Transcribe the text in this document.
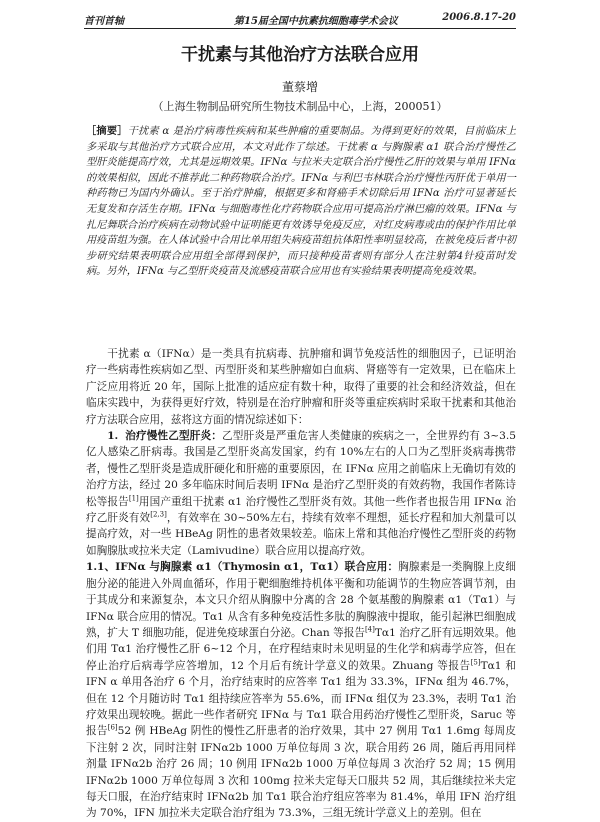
首刊首轴	第15届全国中抗素抗细胞毒学术会议	2006.8.17-20
干扰素与其他治疗方法联合应用
董蔡增
（上海生物制品研究所生物技术制品中心，上海，200051）
［摘要］干扰素 α 是治疗病毒性疾病和某些肿瘤的重要制品。为得到更好的效果，目前临床上多采取与其他治疗方式联合应用，本文对此作了综述。干扰素 α 与胸腺素 α1 联合治疗慢性乙型肝炎能提高疗效，尤其是远期效果。IFNα 与拉米夫定联合治疗慢性乙肝的效果与单用 IFNα 的效果相似，因此不推荐此二种药物联合治疗。IFNα 与利巴韦林联合治疗慢性丙肝优于单用一种药物已为国内外确认。至于治疗肿瘤，根据更多和肾癌手术切除后用 IFNα 治疗可显著延长无复发和存活生存期。IFNα 与细胞毒性化疗药物联合应用可提高治疗淋巴瘤的效果。IFNα 与扎尼舞联合治疗疾病在动物试验中证明能更有效诱导免疫反应，对红皮病毒或由的保护作用比单用疫苗组为强。在人体试验中合用比单用组失病疫苗组抗体阳性率明显较高，在被免疫后者中初步研究结果表明联合应用组全部得到保护，而只接种疫苗者则有部分人在注射第4针疫苗时发病。另外，IFNα 与乙型肝炎疫苗及流感疫苗联合应用也有实验结果表明提高免疫效果。

干扰素 α（IFNα）是一类具有抗病毒、抗肿瘤和调节免疫活性的细胞因子，已证明治疗一些病毒性疾病如乙型、丙型肝炎和某些肿瘤如白血病、肾癌等有一定效果，已在临床上广泛应用将近 20 年，国际上批准的适应症有数十种，取得了重要的社会和经济效益，但在临床实践中，为获得更好疗效，特别是在治疗肿瘤和肝炎等重症疾病时采取干扰素和其他治疗方法联合应用，兹将这方面的情况综述如下：

1. 治疗慢性乙型肝炎：乙型肝炎是严重危害人类健康的疾病之一，全世界约有 3~3.5 亿人感染乙肝病毒。我国是乙型肝炎高发国家，约有 10%左右的人口为乙型肝炎病毒携带者，慢性乙型肝炎是造成肝硬化和肝癌的重要原因，在 IFNα 应用之前临床上无确切有效的治疗方法，经过 20 多年临床时间后表明 IFNα 是治疗乙型肝炎的有效药物，我国作者陈诗松等报告[1]用国产重组干扰素 α1 治疗慢性乙型肝炎有效。其他一些作者也报告用 IFNα 治疗乙肝炎有效[2,3]，有效率在 30~50%左右，持续有效率不理想，延长疗程和加大剂量可以提高疗效，对一些 HBeAg 阴性的患者效果较差。临床上常和其他治疗慢性乙型肝炎的药物如胸腺肽或拉米夫定（Lamivudine）联合应用以提高疗效。

1.1、IFNα 与胸腺素 α1（Thymosin α1，Tα1）联合应用：胸腺素是一类胸腺上皮细胞分泌的能进入外周血循环，作用于靶细胞维持机体平衡和功能调节的生物应答调节剂，由于其成分和来源复杂，本文只介绍从胸腺中分离的含 28 个氨基酸的胸腺素 α1（Tα1）与 IFNα 联合应用的情况。Tα1 从含有多种免疫活性多肽的胸腺液中提取，能引起淋巴细胞成熟，扩大 T 细胞功能，促进免疫球蛋白分泌。Chan 等报告[4]Tα1 治疗乙肝有远期效果。他们用 Tα1 治疗慢性乙肝 6~12 个月，在疗程结束时未见明显的生化学和病毒学应答，但在停止治疗后病毒学应答增加，12 个月后有统计学意义的效果。Zhuang 等报告[5]Tα1 和 IFN α 单用各治疗 6 个月，治疗结束时的应答率 Tα1 组为 33.3%，IFNα 组为 46.7%，但在 12 个月随访时 Tα1 组持续应答率为 55.6%，而 IFNα 组仅为 23.3%，表明 Tα1 治疗效果出现较晚。据此一些作者研究 IFNα 与 Tα1 联合用药治疗慢性乙型肝炎，Saruc 等报告[6]52 例 HBeAg 阴性的慢性乙肝患者的治疗效果，其中 27 例用 Tα1 1.6mg 每周皮下注射 2 次，同时注射 IFNα2b 1000 万单位每周 3 次，联合用药 26 周，随后再用同样剂量 IFNα2b 治疗 26 周；10 例用 IFNα2b 1000 万单位每周 3 次治疗 52 周；15 例用 IFNα2b 1000 万单位每周 3 次和 100mg 拉米夫定每天口服共 52 周，其后继续拉米夫定每天口服，在治疗结束时 IFNα2b 加 Tα1 联合治疗组应答率为 81.4%，单用 IFN 治疗组为 70%，IFN 加拉米夫定联合治疗组为 73.3%，三组无统计学意义上的差别。但在
